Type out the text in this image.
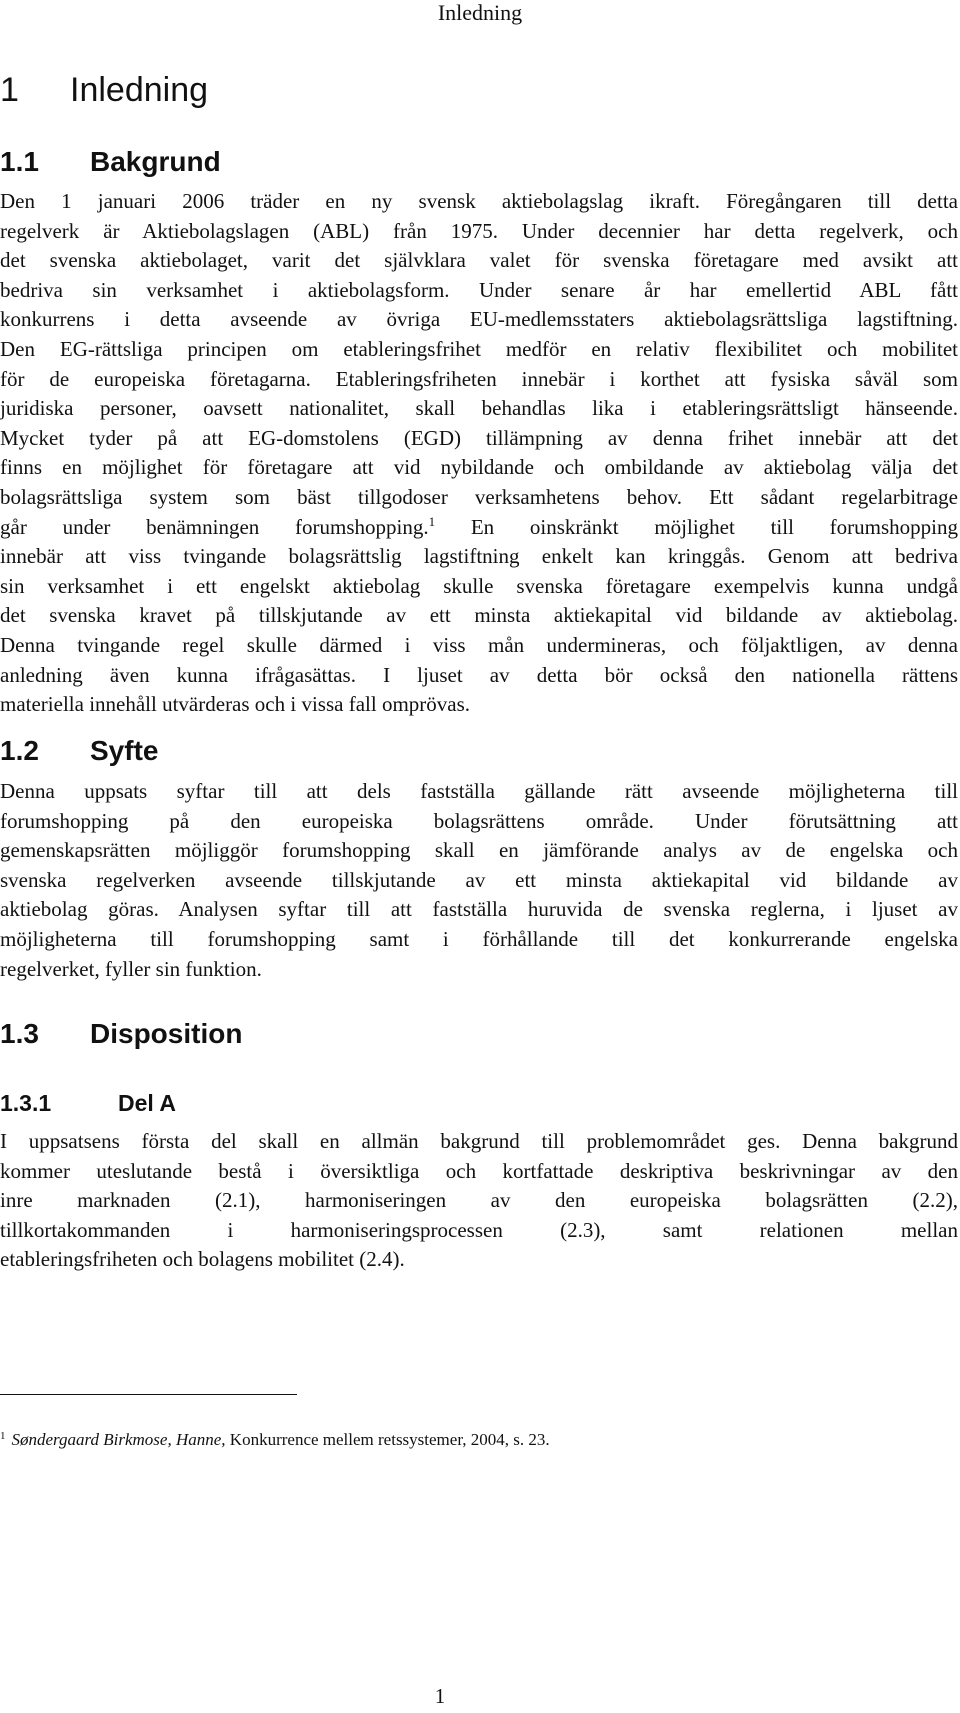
Inledning
1 Inledning
1.1 Bakgrund
Den 1 januari 2006 träder en ny svensk aktiebolagslag ikraft. Föregångaren till detta
regelverk är Aktiebolagslagen (ABL) från 1975. Under decennier har detta regelverk, och
det svenska aktiebolaget, varit det självklara valet för svenska företagare med avsikt att
bedriva sin verksamhet i aktiebolagsform. Under senare år har emellertid ABL fått
konkurrens i detta avseende av övriga EU-medlemsstaters aktiebolagsrättsliga lagstiftning.
Den EG-rättsliga principen om etableringsfrihet medför en relativ flexibilitet och mobilitet
för de europeiska företagarna. Etableringsfriheten innebär i korthet att fysiska såväl som
juridiska personer, oavsett nationalitet, skall behandlas lika i etableringsrättsligt hänseende.
Mycket tyder på att EG-domstolens (EGD) tillämpning av denna frihet innebär att det
finns en möjlighet för företagare att vid nybildande och ombildande av aktiebolag välja det
bolagsrättsliga system som bäst tillgodoser verksamhetens behov. Ett sådant regelarbitrage
går under benämningen forumshopping.$^1$ En oinskränkt möjlighet till forumshopping
innebär att viss tvingande bolagsrättslig lagstiftning enkelt kan kringgås. Genom att bedriva
sin verksamhet i ett engelskt aktiebolag skulle svenska företagare exempelvis kunna undgå
det svenska kravet på tillskjutande av ett minsta aktiekapital vid bildande av aktiebolag.
Denna tvingande regel skulle därmed i viss mån undermineras, och följaktligen, av denna
anledning även kunna ifrågasättas. I ljuset av detta bör också den nationella rättens
materiella innehåll utvärderas och i vissa fall omprövas.
1.2 Syfte
Denna uppsats syftar till att dels fastställa gällande rätt avseende möjligheterna till
forumshopping på den europeiska bolagsrättens område. Under förutsättning att
gemenskapsrätten möjliggör forumshopping skall en jämförande analys av de engelska och
svenska regelverken avseende tillskjutande av ett minsta aktiekapital vid bildande av
aktiebolag göras. Analysen syftar till att fastställa huruvida de svenska reglerna, i ljuset av
möjligheterna till forumshopping samt i förhållande till det konkurrerande engelska
regelverket, fyller sin funktion.
1.3 Disposition
1.3.1	Del A
I uppsatsens första del skall en allmän bakgrund till problemområdet ges. Denna bakgrund
kommer uteslutande bestå i översiktliga och kortfattade deskriptiva beskrivningar av den
inre marknaden (2.1), harmoniseringen av den europeiska bolagsrätten (2.2),
tillkortakommanden i harmoniseringsprocessen (2.3), samt relationen mellan
etableringsfriheten och bolagens mobilitet (2.4).
$^1$ Søndergaard Birkmose, Hanne, Konkurrence mellem retssystemer, 2004, s. 23.
1
